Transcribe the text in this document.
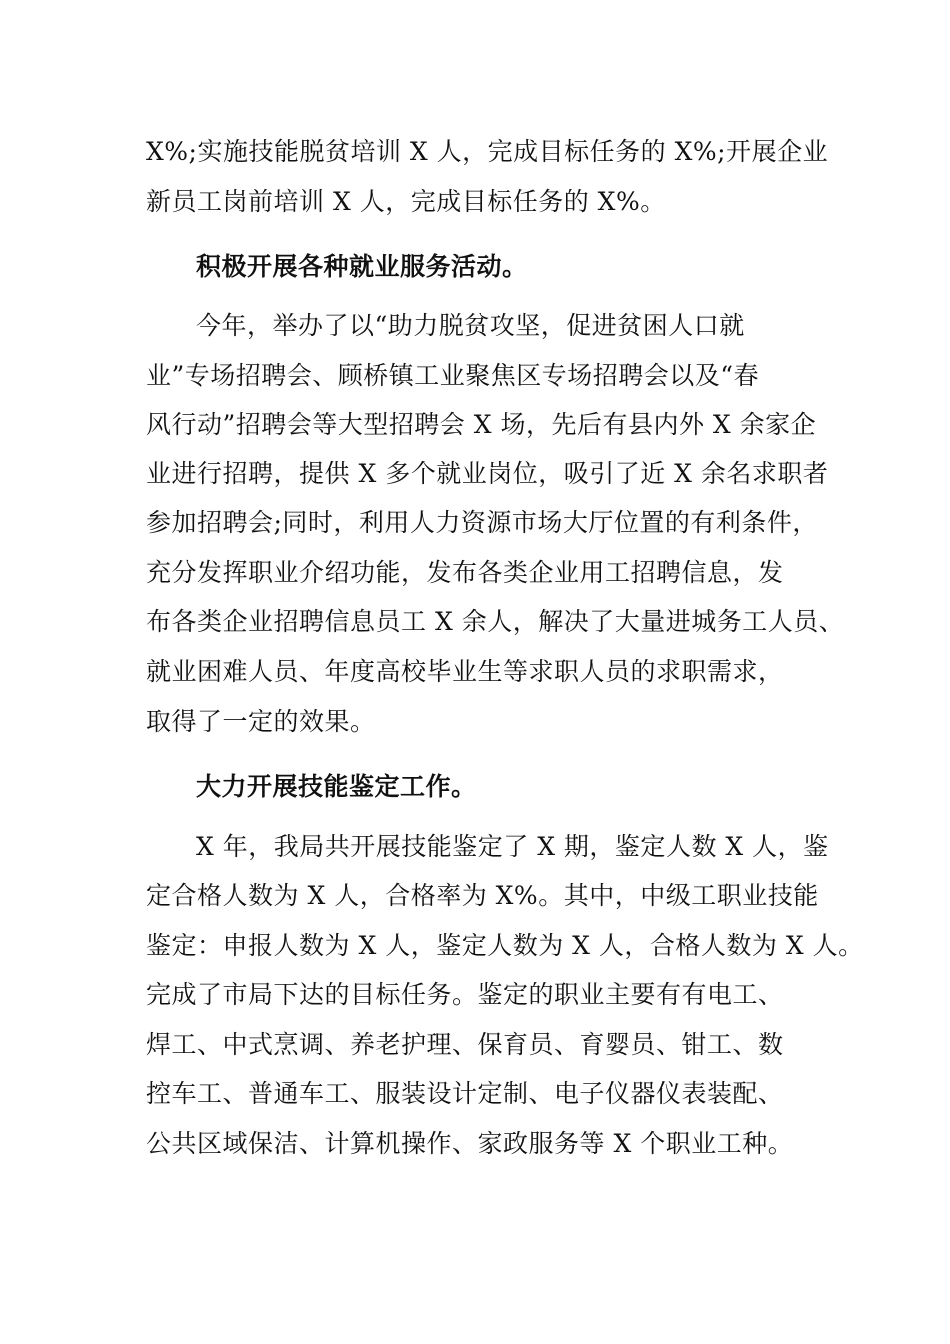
X%;实施技能脱贫培训 X 人，完成目标任务的 X%;开展企业
新员工岗前培训 X 人，完成目标任务的 X%。
积极开展各种就业服务活动。
今年，举办了以“助力脱贫攻坚，促进贫困人口就
业”专场招聘会、顾桥镇工业聚焦区专场招聘会以及“春
风行动”招聘会等大型招聘会 X 场，先后有县内外 X 余家企
业进行招聘，提供 X 多个就业岗位，吸引了近 X 余名求职者
参加招聘会;同时，利用人力资源市场大厅位置的有利条件，
充分发挥职业介绍功能，发布各类企业用工招聘信息，发
布各类企业招聘信息员工 X 余人，解决了大量进城务工人员、
就业困难人员、年度高校毕业生等求职人员的求职需求，
取得了一定的效果。
大力开展技能鉴定工作。
X 年，我局共开展技能鉴定了 X 期，鉴定人数 X 人，鉴
定合格人数为 X 人，合格率为 X%。其中，中级工职业技能
鉴定：申报人数为 X 人，鉴定人数为 X 人，合格人数为 X 人。
完成了市局下达的目标任务。鉴定的职业主要有有电工、
焊工、中式烹调、养老护理、保育员、育婴员、钳工、数
控车工、普通车工、服装设计定制、电子仪器仪表装配、
公共区域保洁、计算机操作、家政服务等 X 个职业工种。
